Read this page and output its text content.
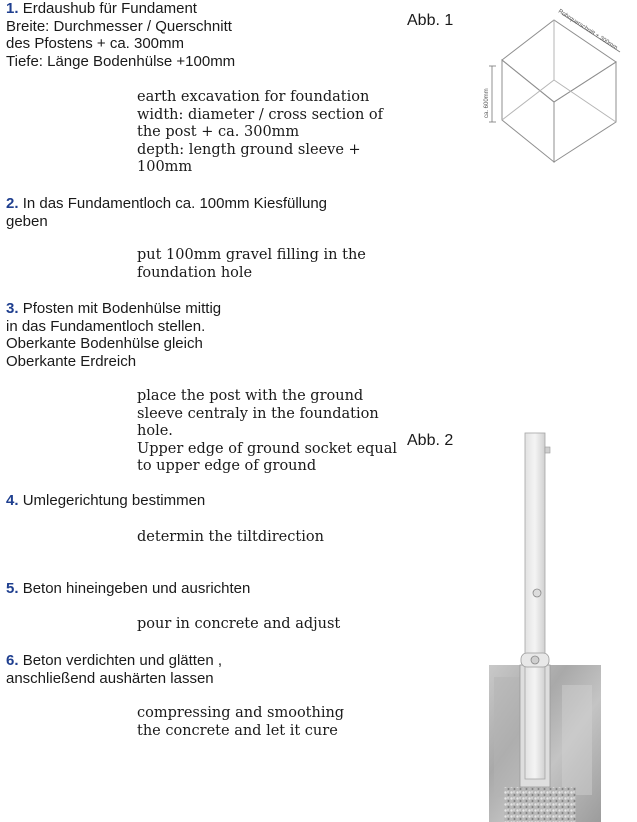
1. Erdaushub für Fundament
Breite: Durchmesser / Querschnitt
des Pfostens + ca. 300mm
Tiefe: Länge Bodenhülse +100mm
earth excavation for foundation
width: diameter / cross section of
the post + ca. 300mm
depth: length ground sleeve +
100mm
2. In das Fundamentloch ca. 100mm Kiesfüllung
geben
put 100mm gravel filling in the
foundation hole
3. Pfosten mit Bodenhülse mittig
in das Fundamentloch stellen.
Oberkante Bodenhülse gleich
Oberkante Erdreich
place the post with the ground
sleeve centraly in the foundation
hole.
Upper edge of ground socket equal
to upper edge of ground
4. Umlegerichtung bestimmen
determin the tiltdirection
5. Beton hineingeben und ausrichten
pour in concrete and adjust
6. Beton verdichten und glätten ,
anschließend aushärten lassen
compressing and smoothing
the concrete and let it cure
Abb. 1
Abb. 2
ca. 600mm
Rohrquerschnitt + 300mm
